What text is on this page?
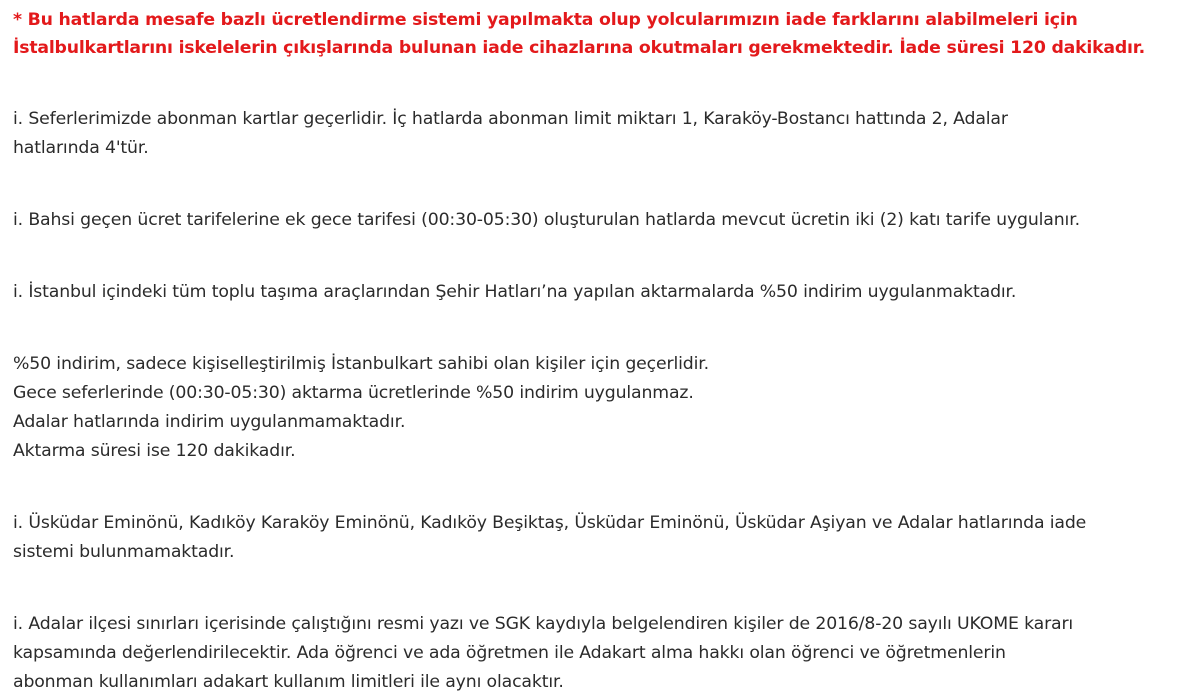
* Bu hatlarda mesafe bazlı ücretlendirme sistemi yapılmakta olup yolcularımızın iade farklarını alabilmeleri için
İstalbulkartlarını iskelelerin çıkışlarında bulunan iade cihazlarına okutmaları gerekmektedir. İade süresi 120 dakikadır.

i. Seferlerimizde abonman kartlar geçerlidir. İç hatlarda abonman limit miktarı 1, Karaköy-Bostancı hattında 2, Adalar
hatlarında 4'tür.

i. Bahsi geçen ücret tarifelerine ek gece tarifesi (00:30-05:30) oluşturulan hatlarda mevcut ücretin iki (2) katı tarife uygulanır.

i. İstanbul içindeki tüm toplu taşıma araçlarından Şehir Hatları’na yapılan aktarmalarda %50 indirim uygulanmaktadır.

%50 indirim, sadece kişiselleştirilmiş İstanbulkart sahibi olan kişiler için geçerlidir.
Gece seferlerinde (00:30-05:30) aktarma ücretlerinde %50 indirim uygulanmaz.
Adalar hatlarında indirim uygulanmamaktadır.
Aktarma süresi ise 120 dakikadır.

i. Üsküdar Eminönü, Kadıköy Karaköy Eminönü, Kadıköy Beşiktaş, Üsküdar Eminönü, Üsküdar Aşiyan ve Adalar hatlarında iade
sistemi bulunmamaktadır.

i. Adalar ilçesi sınırları içerisinde çalıştığını resmi yazı ve SGK kaydıyla belgelendiren kişiler de 2016/8-20 sayılı UKOME kararı
kapsamında değerlendirilecektir. Ada öğrenci ve ada öğretmen ile Adakart alma hakkı olan öğrenci ve öğretmenlerin
abonman kullanımları adakart kullanım limitleri ile aynı olacaktır.
